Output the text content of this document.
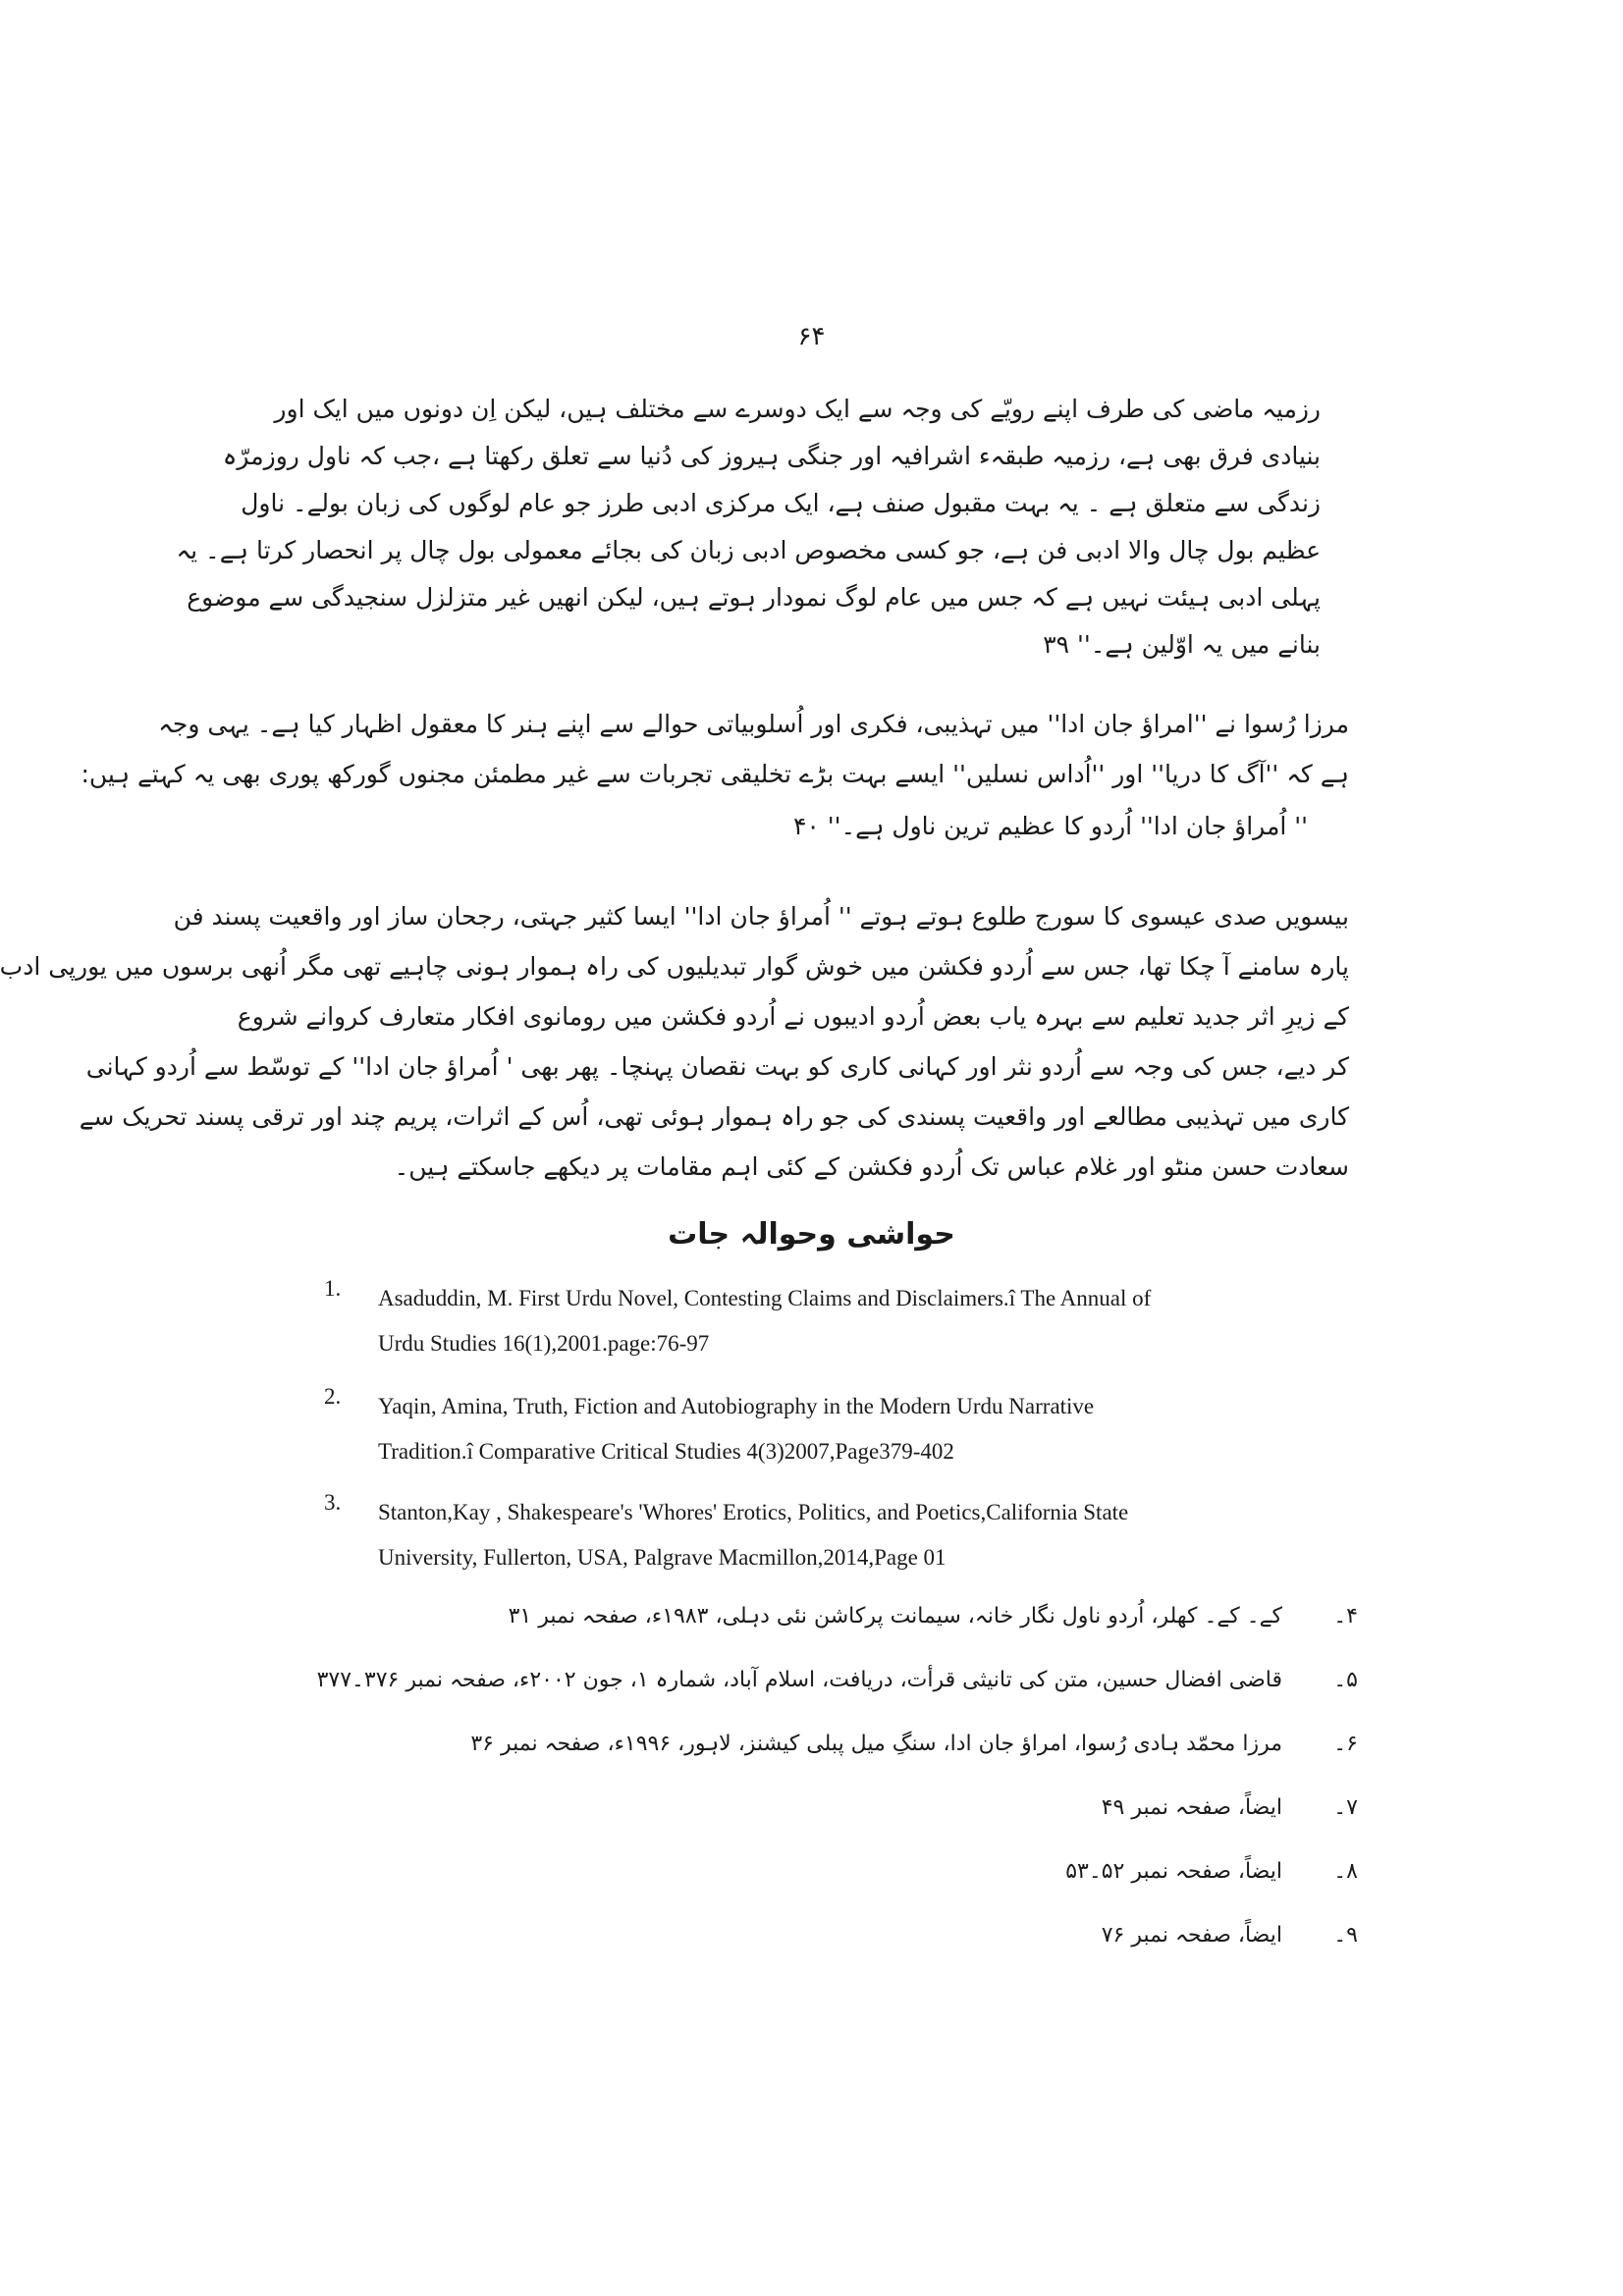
۶۴
رزمیہ ماضی کی طرف اپنے رویّے کی وجہ سے ایک دوسرے سے مختلف ہیں، لیکن اِن دونوں میں ایک اور
بنیادی فرق بھی ہے، رزمیہ طبقہء اشرافیہ اور جنگی ہیروز کی دُنیا سے تعلق رکھتا ہے ،جب کہ ناول روزمرّہ
زندگی سے متعلق ہے ۔ یہ بہت مقبول صنف ہے، ایک مرکزی ادبی طرز جو عام لوگوں کی زبان بولے۔ ناول
عظیم بول چال والا ادبی فن ہے، جو کسی مخصوص ادبی زبان کی بجائے معمولی بول چال پر انحصار کرتا ہے۔ یہ
پہلی ادبی ہیئت نہیں ہے کہ جس میں عام لوگ نمودار ہوتے ہیں، لیکن انھیں غیر متزلزل سنجیدگی سے موضوع
بنانے میں یہ اوّلین ہے۔'' ۳۹
مرزا رُسوا نے ''امراؤ جان ادا'' میں تہذیبی، فکری اور اُسلوبیاتی حوالے سے اپنے ہنر کا معقول اظہار کیا ہے۔ یہی وجہ
ہے کہ ''آگ کا دریا'' اور ''اُداس نسلیں'' ایسے بہت بڑے تخلیقی تجربات سے غیر مطمئن مجنوں گورکھ پوری بھی یہ کہتے ہیں:
'' اُمراؤ جان ادا'' اُردو کا عظیم ترین ناول ہے۔'' ۴۰
بیسویں صدی عیسوی کا سورج طلوع ہوتے ہوتے '' اُمراؤ جان ادا'' ایسا کثیر جہتی، رجحان ساز اور واقعیت پسند فن
پارہ سامنے آ چکا تھا، جس سے اُردو فکشن میں خوش گوار تبدیلیوں کی راہ ہموار ہونی چاہیے تھی مگر اُنھی برسوں میں یورپی ادب
کے زیرِ اثر جدید تعلیم سے بہرہ یاب بعض اُردو ادیبوں نے اُردو فکشن میں رومانوی افکار متعارف کروانے شروع
کر دیے، جس کی وجہ سے اُردو نثر اور کہانی کاری کو بہت نقصان پہنچا۔ پھر بھی ' اُمراؤ جان ادا'' کے توسّط سے اُردو کہانی
کاری میں تہذیبی مطالعے اور واقعیت پسندی کی جو راہ ہموار ہوئی تھی، اُس کے اثرات، پریم چند اور ترقی پسند تحریک سے
سعادت حسن منٹو اور غلام عباس تک اُردو فکشن کے کئی اہم مقامات پر دیکھے جاسکتے ہیں۔
حواشی وحوالہ جات
1.	Asaduddin, M. First Urdu Novel, Contesting Claims and Disclaimers.î The Annual of
Urdu Studies 16(1),2001.page:76-97
2.	Yaqin, Amina, Truth, Fiction and Autobiography in the Modern Urdu Narrative
Tradition.î Comparative Critical Studies 4(3)2007,Page379-402
3.	Stanton,Kay , Shakespeare's 'Whores' Erotics, Politics, and Poetics,California State
University, Fullerton, USA, Palgrave Macmillon,2014,Page 01
۴۔ کے۔ کے۔ کھلر، اُردو ناول نگار خانہ، سیمانت پرکاشن نئی دہلی، ۱۹۸۳ء، صفحہ نمبر ۳۱
۵۔ قاضی افضال حسین، متن کی تانیثی قرأت، دریافت، اسلام آباد، شمارہ ۱، جون ۲۰۰۲ء، صفحہ نمبر ۳۷۶۔۳۷۷
۶۔ مرزا محمّد ہادی رُسوا، امراؤ جان ادا، سنگِ میل پبلی کیشنز، لاہور، ۱۹۹۶ء، صفحہ نمبر ۳۶
۷۔ ایضاً، صفحہ نمبر ۴۹
۸۔ ایضاً، صفحہ نمبر ۵۲۔۵۳
۹۔ ایضاً، صفحہ نمبر ۷۶
